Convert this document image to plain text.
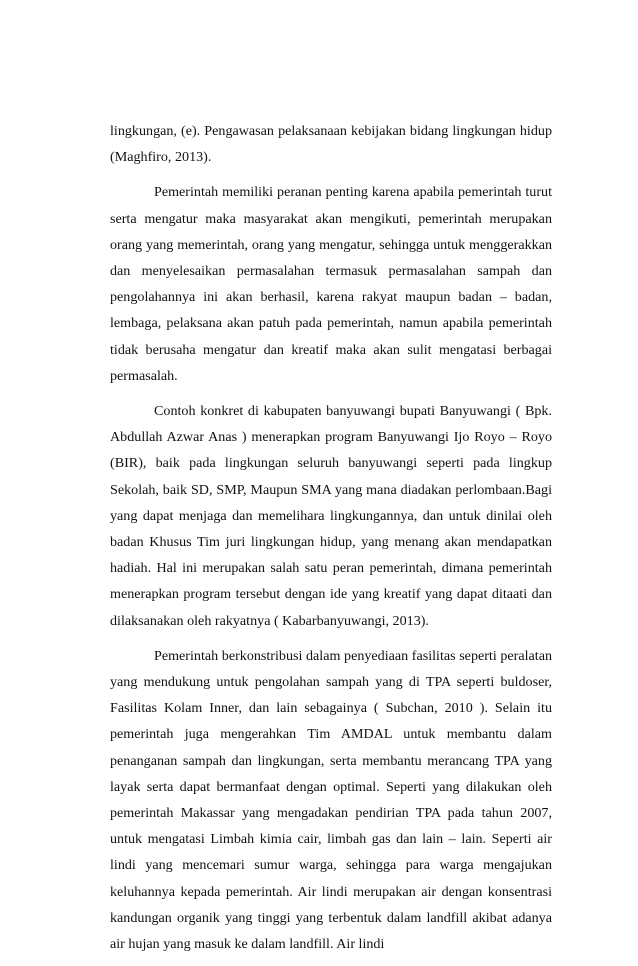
lingkungan, (e). Pengawasan pelaksanaan kebijakan bidang lingkungan hidup (Maghfiro, 2013).

Pemerintah memiliki peranan penting karena apabila pemerintah turut serta mengatur maka masyarakat akan mengikuti, pemerintah merupakan orang yang memerintah, orang yang mengatur, sehingga untuk menggerakkan dan menyelesaikan permasalahan termasuk permasalahan sampah dan pengolahannya ini akan berhasil, karena rakyat maupun badan – badan, lembaga, pelaksana akan patuh pada pemerintah, namun apabila pemerintah tidak berusaha mengatur dan kreatif maka akan sulit mengatasi berbagai permasalah.

Contoh konkret di kabupaten banyuwangi bupati Banyuwangi ( Bpk. Abdullah Azwar Anas ) menerapkan program Banyuwangi Ijo Royo – Royo (BIR), baik pada lingkungan seluruh banyuwangi seperti pada lingkup Sekolah, baik SD, SMP, Maupun SMA yang mana diadakan perlombaan.Bagi yang dapat menjaga dan memelihara lingkungannya, dan untuk dinilai oleh badan Khusus Tim juri lingkungan hidup, yang menang akan mendapatkan hadiah. Hal ini merupakan salah satu peran pemerintah, dimana pemerintah menerapkan program tersebut dengan ide yang kreatif yang dapat ditaati dan dilaksanakan oleh rakyatnya ( Kabarbanyuwangi, 2013).

Pemerintah berkonstribusi dalam penyediaan fasilitas seperti peralatan yang mendukung untuk pengolahan sampah yang di TPA seperti buldoser, Fasilitas Kolam Inner, dan lain sebagainya ( Subchan, 2010 ). Selain itu pemerintah juga mengerahkan Tim AMDAL untuk membantu dalam penanganan sampah dan lingkungan, serta membantu merancang TPA yang layak serta dapat bermanfaat dengan optimal. Seperti yang dilakukan oleh pemerintah Makassar yang mengadakan pendirian TPA pada tahun 2007, untuk mengatasi Limbah kimia cair, limbah gas dan lain – lain. Seperti air lindi yang mencemari sumur warga, sehingga para warga mengajukan keluhannya kepada pemerintah. Air lindi merupakan air dengan konsentrasi kandungan organik yang tinggi yang terbentuk dalam landfill akibat adanya air hujan yang masuk ke dalam landfill. Air lindi
